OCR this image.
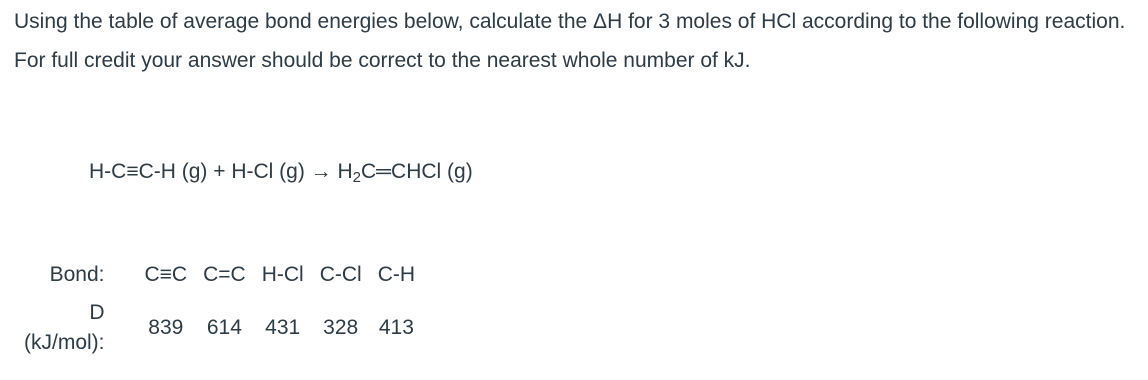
Using the table of average bond energies below, calculate the ΔH for 3 moles of HCl according to the following reaction. For full credit your answer should be correct to the nearest whole number of kJ.

H-C≡C-H (g) + H-Cl $(g) \to H_2C═CHCl$ (g)
Bond:	C≡C	C=C	H-Cl	C-Cl	C-H
D
(kJ/mol):	839	614	431	328	413
